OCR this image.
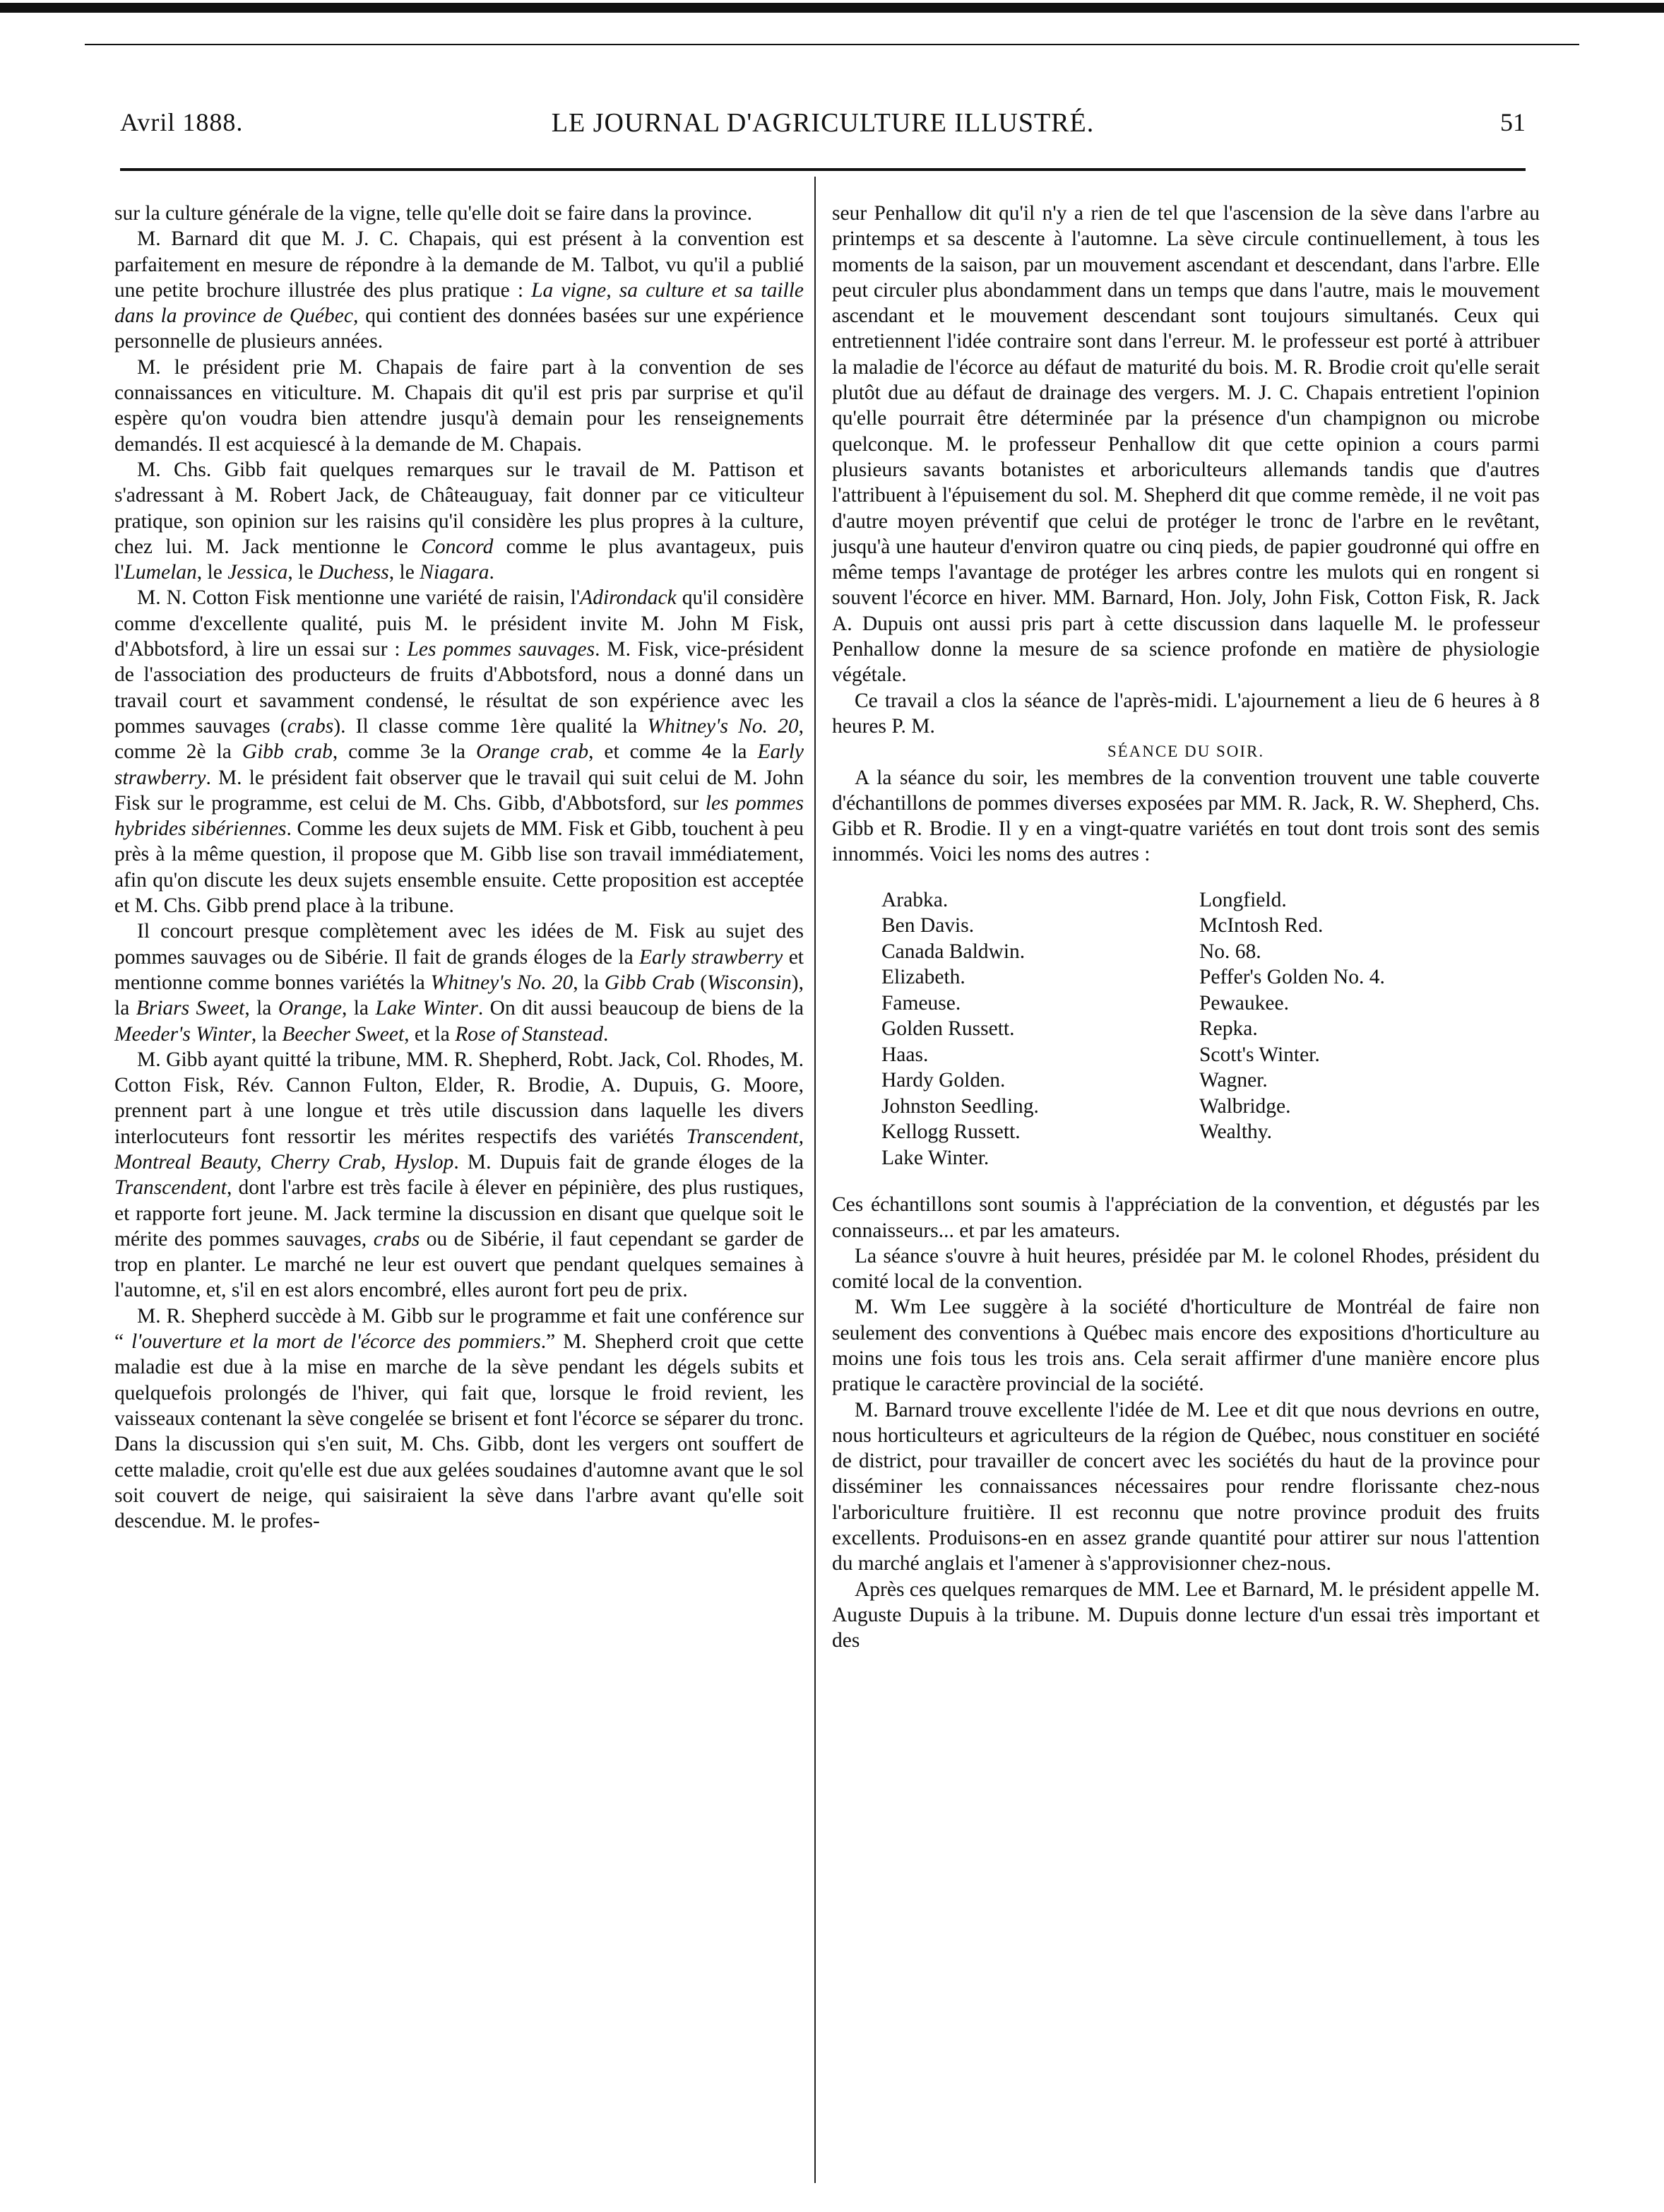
Avril 1888.	LE JOURNAL D'AGRICULTURE ILLUSTRÉ.	51

sur la culture générale de la vigne, telle qu'elle doit se faire dans la province.

M. Barnard dit que M. J. C. Chapais, qui est présent à la convention est parfaitement en mesure de répondre à la demande de M. Talbot, vu qu'il a publié une petite brochure illustrée des plus pratique : La vigne, sa culture et sa taille dans la province de Québec, qui contient des données basées sur une expérience personnelle de plusieurs années.

M. le président prie M. Chapais de faire part à la convention de ses connaissances en viticulture. M. Chapais dit qu'il est pris par surprise et qu'il espère qu'on voudra bien attendre jusqu'à demain pour les renseignements demandés. Il est acquiescé à la demande de M. Chapais.

M. Chs. Gibb fait quelques remarques sur le travail de M. Pattison et s'adressant à M. Robert Jack, de Châteauguay, fait donner par ce viticulteur pratique, son opinion sur les raisins qu'il considère les plus propres à la culture, chez lui. M. Jack mentionne le Concord comme le plus avantageux, puis l'Lumelan, le Jessica, le Duchess, le Niagara.

M. N. Cotton Fisk mentionne une variété de raisin, l'Adirondack qu'il considère comme d'excellente qualité, puis M. le président invite M. John M Fisk, d'Abbotsford, à lire un essai sur : Les pommes sauvages. M. Fisk, vice-président de l'association des producteurs de fruits d'Abbotsford, nous a donné dans un travail court et savamment condensé, le résultat de son expérience avec les pommes sauvages (crabs). Il classe comme 1ère qualité la Whitney's No. 20, comme 2è la Gibb crab, comme 3e la Orange crab, et comme 4e la Early strawberry. M. le président fait observer que le travail qui suit celui de M. John Fisk sur le programme, est celui de M. Chs. Gibb, d'Abbotsford, sur les pommes hybrides sibériennes. Comme les deux sujets de MM. Fisk et Gibb, touchent à peu près à la même question, il propose que M. Gibb lise son travail immédiatement, afin qu'on discute les deux sujets ensemble ensuite. Cette proposition est acceptée et M. Chs. Gibb prend place à la tribune.

Il concourt presque complètement avec les idées de M. Fisk au sujet des pommes sauvages ou de Sibérie. Il fait de grands éloges de la Early strawberry et mentionne comme bonnes variétés la Whitney's No. 20, la Gibb Crab (Wisconsin), la Briars Sweet, la Orange, la Lake Winter. On dit aussi beaucoup de biens de la Meeder's Winter, la Beecher Sweet, et la Rose of Stanstead.

M. Gibb ayant quitté la tribune, MM. R. Shepherd, Robt. Jack, Col. Rhodes, M. Cotton Fisk, Rév. Cannon Fulton, Elder, R. Brodie, A. Dupuis, G. Moore, prennent part à une longue et très utile discussion dans laquelle les divers interlocuteurs font ressortir les mérites respectifs des variétés Transcendent, Montreal Beauty, Cherry Crab, Hyslop. M. Dupuis fait de grande éloges de la Transcendent, dont l'arbre est très facile à élever en pépinière, des plus rustiques, et rapporte fort jeune. M. Jack termine la discussion en disant que quelque soit le mérite des pommes sauvages, crabs ou de Sibérie, il faut cependant se garder de trop en planter. Le marché ne leur est ouvert que pendant quelques semaines à l'automne, et, s'il en est alors encombré, elles auront fort peu de prix.

M. R. Shepherd succède à M. Gibb sur le programme et fait une conférence sur “ l'ouverture et la mort de l'écorce des pommiers.” M. Shepherd croit que cette maladie est due à la mise en marche de la sève pendant les dégels subits et quelquefois prolongés de l'hiver, qui fait que, lorsque le froid revient, les vaisseaux contenant la sève congelée se brisent et font l'écorce se séparer du tronc. Dans la discussion qui s'en suit, M. Chs. Gibb, dont les vergers ont souffert de cette maladie, croit qu'elle est due aux gelées soudaines d'automne avant que le sol soit couvert de neige, qui saisiraient la sève dans l'arbre avant qu'elle soit descendue. M. le profes-

seur Penhallow dit qu'il n'y a rien de tel que l'ascension de la sève dans l'arbre au printemps et sa descente à l'automne. La sève circule continuellement, à tous les moments de la saison, par un mouvement ascendant et descendant, dans l'arbre. Elle peut circuler plus abondamment dans un temps que dans l'autre, mais le mouvement ascendant et le mouvement descendant sont toujours simultanés. Ceux qui entretiennent l'idée contraire sont dans l'erreur. M. le professeur est porté à attribuer la maladie de l'écorce au défaut de maturité du bois. M. R. Brodie croit qu'elle serait plutôt due au défaut de drainage des vergers. M. J. C. Chapais entretient l'opinion qu'elle pourrait être déterminée par la présence d'un champignon ou microbe quelconque. M. le professeur Penhallow dit que cette opinion a cours parmi plusieurs savants botanistes et arboriculteurs allemands tandis que d'autres l'attribuent à l'épuisement du sol. M. Shepherd dit que comme remède, il ne voit pas d'autre moyen préventif que celui de protéger le tronc de l'arbre en le revêtant, jusqu'à une hauteur d'environ quatre ou cinq pieds, de papier goudronné qui offre en même temps l'avantage de protéger les arbres contre les mulots qui en rongent si souvent l'écorce en hiver. MM. Barnard, Hon. Joly, John Fisk, Cotton Fisk, R. Jack A. Dupuis ont aussi pris part à cette discussion dans laquelle M. le professeur Penhallow donne la mesure de sa science profonde en matière de physiologie végétale.

Ce travail a clos la séance de l'après-midi. L'ajournement a lieu de 6 heures à 8 heures P. M.

SÉANCE DU SOIR.

A la séance du soir, les membres de la convention trouvent une table couverte d'échantillons de pommes diverses exposées par MM. R. Jack, R. W. Shepherd, Chs. Gibb et R. Brodie. Il y en a vingt-quatre variétés en tout dont trois sont des semis innommés. Voici les noms des autres :

Arabka.
Ben Davis.
Canada Baldwin.
Elizabeth.
Fameuse.
Golden Russett.
Haas.
Hardy Golden.
Johnston Seedling.
Kellogg Russett.
Lake Winter.
Longfield.
McIntosh Red.
No. 68.
Peffer's Golden No. 4.
Pewaukee.
Repka.
Scott's Winter.
Wagner.
Walbridge.
Wealthy.

Ces échantillons sont soumis à l'appréciation de la convention, et dégustés par les connaisseurs... et par les amateurs.

La séance s'ouvre à huit heures, présidée par M. le colonel Rhodes, président du comité local de la convention.

M. Wm Lee suggère à la société d'horticulture de Montréal de faire non seulement des conventions à Québec mais encore des expositions d'horticulture au moins une fois tous les trois ans. Cela serait affirmer d'une manière encore plus pratique le caractère provincial de la société.

M. Barnard trouve excellente l'idée de M. Lee et dit que nous devrions en outre, nous horticulteurs et agriculteurs de la région de Québec, nous constituer en société de district, pour travailler de concert avec les sociétés du haut de la province pour disséminer les connaissances nécessaires pour rendre florissante chez-nous l'arboriculture fruitière. Il est reconnu que notre province produit des fruits excellents. Produisons-en en assez grande quantité pour attirer sur nous l'attention du marché anglais et l'amener à s'approvisionner chez-nous.

Après ces quelques remarques de MM. Lee et Barnard, M. le président appelle M. Auguste Dupuis à la tribune. M. Dupuis donne lecture d'un essai très important et des
